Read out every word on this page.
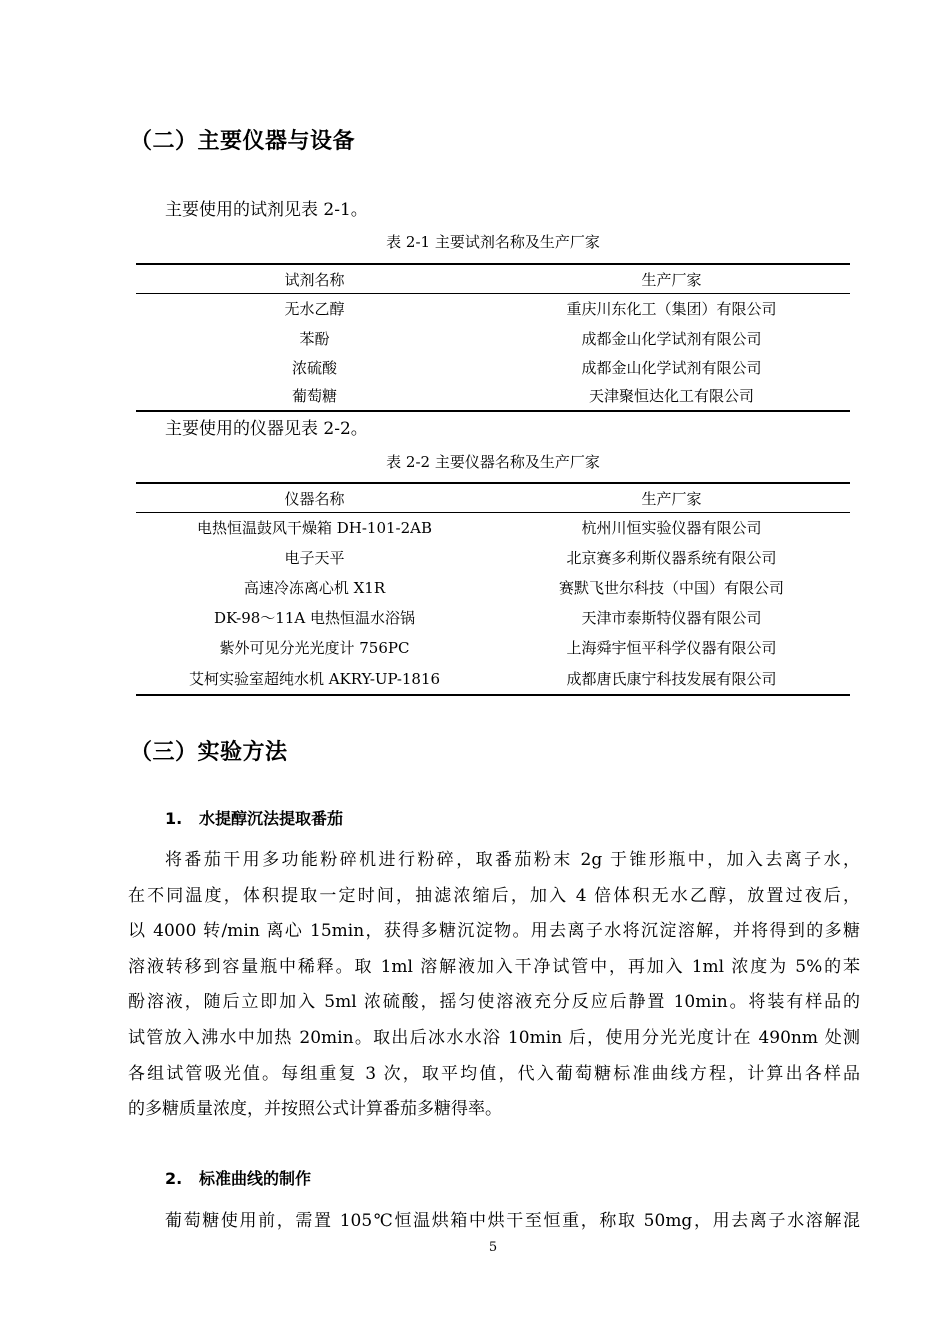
（二）主要仪器与设备
主要使用的试剂见表 2-1。
表 2-1 主要试剂名称及生产厂家
试剂名称	生产厂家
无水乙醇	重庆川东化工（集团）有限公司
苯酚	成都金山化学试剂有限公司
浓硫酸	成都金山化学试剂有限公司
葡萄糖	天津聚恒达化工有限公司
主要使用的仪器见表 2-2。
表 2-2 主要仪器名称及生产厂家
仪器名称	生产厂家
电热恒温鼓风干燥箱 DH-101-2AB	杭州川恒实验仪器有限公司
电子天平	北京赛多利斯仪器系统有限公司
高速冷冻离心机 X1R	赛默飞世尔科技（中国）有限公司
DK-98～11A 电热恒温水浴锅	天津市泰斯特仪器有限公司
紫外可见分光光度计 756PC	上海舜宇恒平科学仪器有限公司
艾柯实验室超纯水机 AKRY-UP-1816	成都唐氏康宁科技发展有限公司
（三）实验方法
1. 水提醇沉法提取番茄
将番茄干用多功能粉碎机进行粉碎，取番茄粉末 2g 于锥形瓶中，加入去离子水，
在不同温度，体积提取一定时间，抽滤浓缩后，加入 4 倍体积无水乙醇，放置过夜后，
以 4000 转/min 离心 15min，获得多糖沉淀物。用去离子水将沉淀溶解，并将得到的多糖
溶液转移到容量瓶中稀释。取 1ml 溶解液加入干净试管中，再加入 1ml 浓度为 5%的苯
酚溶液，随后立即加入 5ml 浓硫酸，摇匀使溶液充分反应后静置 10min。将装有样品的
试管放入沸水中加热 20min。取出后冰水水浴 10min 后，使用分光光度计在 490nm 处测
各组试管吸光值。每组重复 3 次，取平均值，代入葡萄糖标准曲线方程，计算出各样品
的多糖质量浓度，并按照公式计算番茄多糖得率。
2. 标准曲线的制作
葡萄糖使用前，需置 105℃恒温烘箱中烘干至恒重，称取 50mg，用去离子水溶解混
5
